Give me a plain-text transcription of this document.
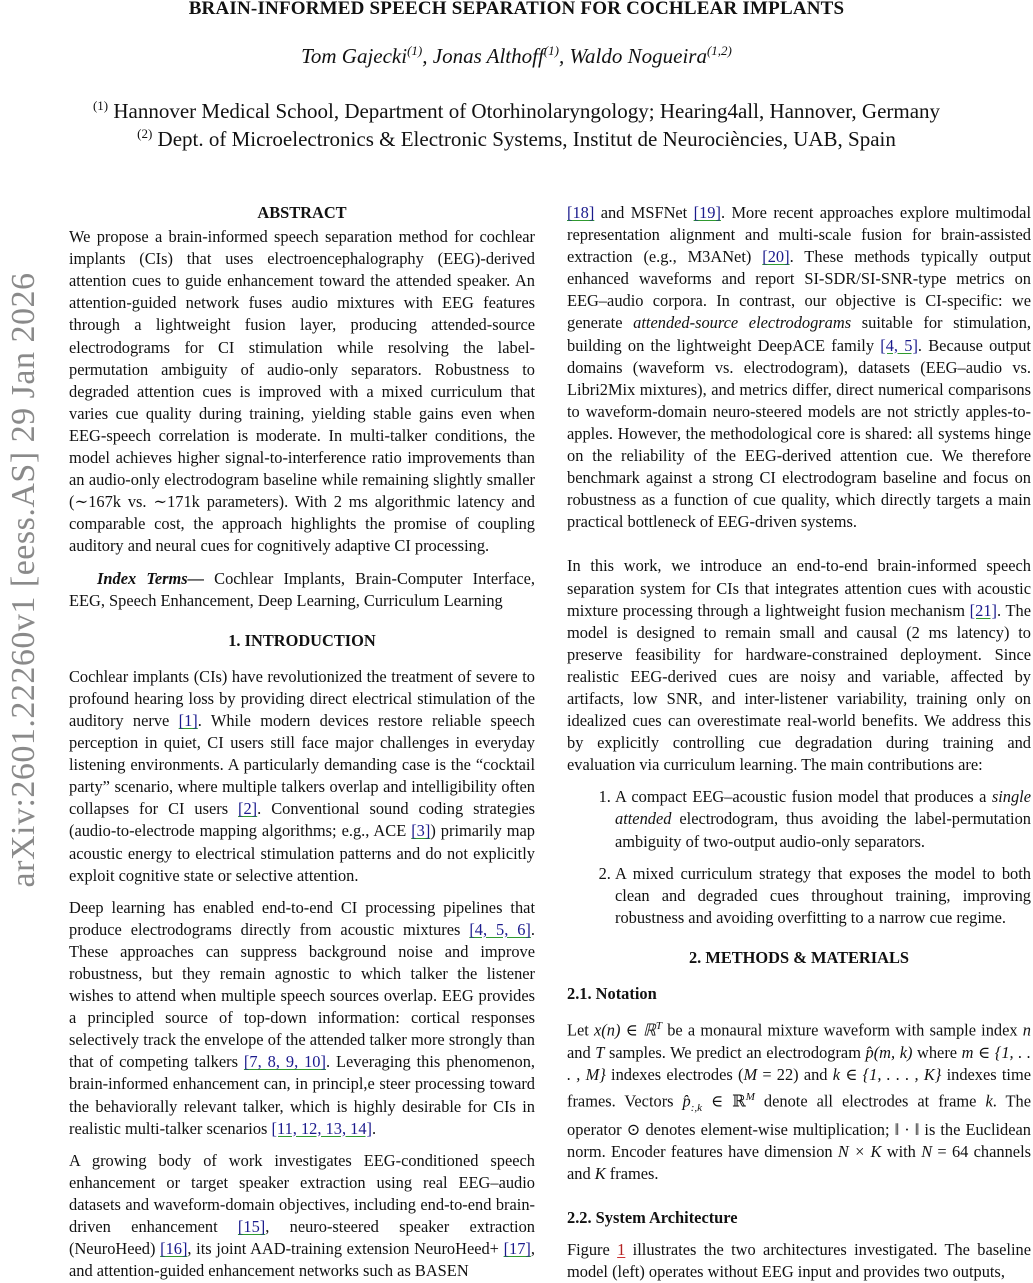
BRAIN-INFORMED SPEECH SEPARATION FOR COCHLEAR IMPLANTS
Tom Gajecki$^{(1)}$, Jonas Althoff$^{(1)}$, Waldo Nogueira$^{(1,2)}$
$^{(1)}$ Hannover Medical School, Department of Otorhinolaryngology; Hearing4all, Hannover, Germany
$^{(2)}$ Dept. of Microelectronics & Electronic Systems, Institut de Neurociències, UAB, Spain
arXiv:2601.22260v1 [eess.AS] 29 Jan 2026
ABSTRACT

We propose a brain-informed speech separation method for cochlear implants (CIs) that uses electroencephalography (EEG)-derived attention cues to guide enhancement toward the attended speaker. An attention-guided network fuses audio mixtures with EEG features through a lightweight fusion layer, producing attended-source electrodograms for CI stimulation while resolving the label-permutation ambiguity of audio-only separators. Robustness to degraded attention cues is improved with a mixed curriculum that varies cue quality during training, yielding stable gains even when EEG-speech correlation is moderate. In multi-talker conditions, the model achieves higher signal-to-interference ratio improvements than an audio-only electrodogram baseline while remaining slightly smaller (∼167k vs. ∼171k parameters). With 2 ms algorithmic latency and comparable cost, the approach highlights the promise of coupling auditory and neural cues for cognitively adaptive CI processing.

Index Terms— Cochlear Implants, Brain-Computer Interface, EEG, Speech Enhancement, Deep Learning, Curriculum Learning

1. INTRODUCTION

Cochlear implants (CIs) have revolutionized the treatment of severe to profound hearing loss by providing direct electrical stimulation of the auditory nerve [1]. While modern devices restore reliable speech perception in quiet, CI users still face major challenges in everyday listening environments. A particularly demanding case is the “cocktail party” scenario, where multiple talkers overlap and intelligibility often collapses for CI users [2]. Conventional sound coding strategies (audio-to-electrode mapping algorithms; e.g., ACE [3]) primarily map acoustic energy to electrical stimulation patterns and do not explicitly exploit cognitive state or selective attention.

Deep learning has enabled end-to-end CI processing pipelines that produce electrodograms directly from acoustic mixtures [4, 5, 6]. These approaches can suppress background noise and improve robustness, but they remain agnostic to which talker the listener wishes to attend when multiple speech sources overlap. EEG provides a principled source of top-down information: cortical responses selectively track the envelope of the attended talker more strongly than that of competing talkers [7, 8, 9, 10]. Leveraging this phenomenon, brain-informed enhancement can, in principl,e steer processing toward the behaviorally relevant talker, which is highly desirable for CIs in realistic multi-talker scenarios [11, 12, 13, 14].

A growing body of work investigates EEG-conditioned speech enhancement or target speaker extraction using real EEG–audio datasets and waveform-domain objectives, including end-to-end brain-driven enhancement [15], neuro-steered speaker extraction (NeuroHeed) [16], its joint AAD-training extension NeuroHeed+ [17], and attention-guided enhancement networks such as BASEN

[18] and MSFNet [19]. More recent approaches explore multimodal representation alignment and multi-scale fusion for brain-assisted extraction (e.g., M3ANet) [20]. These methods typically output enhanced waveforms and report SI-SDR/SI-SNR-type metrics on EEG–audio corpora. In contrast, our objective is CI-specific: we generate attended-source electrodograms suitable for stimulation, building on the lightweight DeepACE family [4, 5]. Because output domains (waveform vs. electrodogram), datasets (EEG–audio vs. Libri2Mix mixtures), and metrics differ, direct numerical comparisons to waveform-domain neuro-steered models are not strictly apples-to-apples. However, the methodological core is shared: all systems hinge on the reliability of the EEG-derived attention cue. We therefore benchmark against a strong CI electrodogram baseline and focus on robustness as a function of cue quality, which directly targets a main practical bottleneck of EEG-driven systems.

In this work, we introduce an end-to-end brain-informed speech separation system for CIs that integrates attention cues with acoustic mixture processing through a lightweight fusion mechanism [21]. The model is designed to remain small and causal (2 ms latency) to preserve feasibility for hardware-constrained deployment. Since realistic EEG-derived cues are noisy and variable, affected by artifacts, low SNR, and inter-listener variability, training only on idealized cues can overestimate real-world benefits. We address this by explicitly controlling cue degradation during training and evaluation via curriculum learning. The main contributions are:

1. A compact EEG–acoustic fusion model that produces a single attended electrodogram, thus avoiding the label-permutation ambiguity of two-output audio-only separators.
2. A mixed curriculum strategy that exposes the model to both clean and degraded cues throughout training, improving robustness and avoiding overfitting to a narrow cue regime.
2. METHODS & MATERIALS
2.1. Notation

Let x(n) ∈ ℝ$^T$ be a monaural mixture waveform with sample index n and T samples. We predict an electrodogram p̂(m, k) where m ∈ {1, . . . , M} indexes electrodes (M = 22) and k ∈ {1, . . . , K} indexes time frames. Vectors $p̂_{:,k}$ ∈ ℝ$^M$ denote all electrodes at frame k. The operator ⊙ denotes element-wise multiplication; ‖ · ‖ is the Euclidean norm. Encoder features have dimension N × K with N = 64 channels and K frames.

2.2. System Architecture

Figure 1 illustrates the two architectures investigated. The baseline model (left) operates without EEG input and provides two outputs,
